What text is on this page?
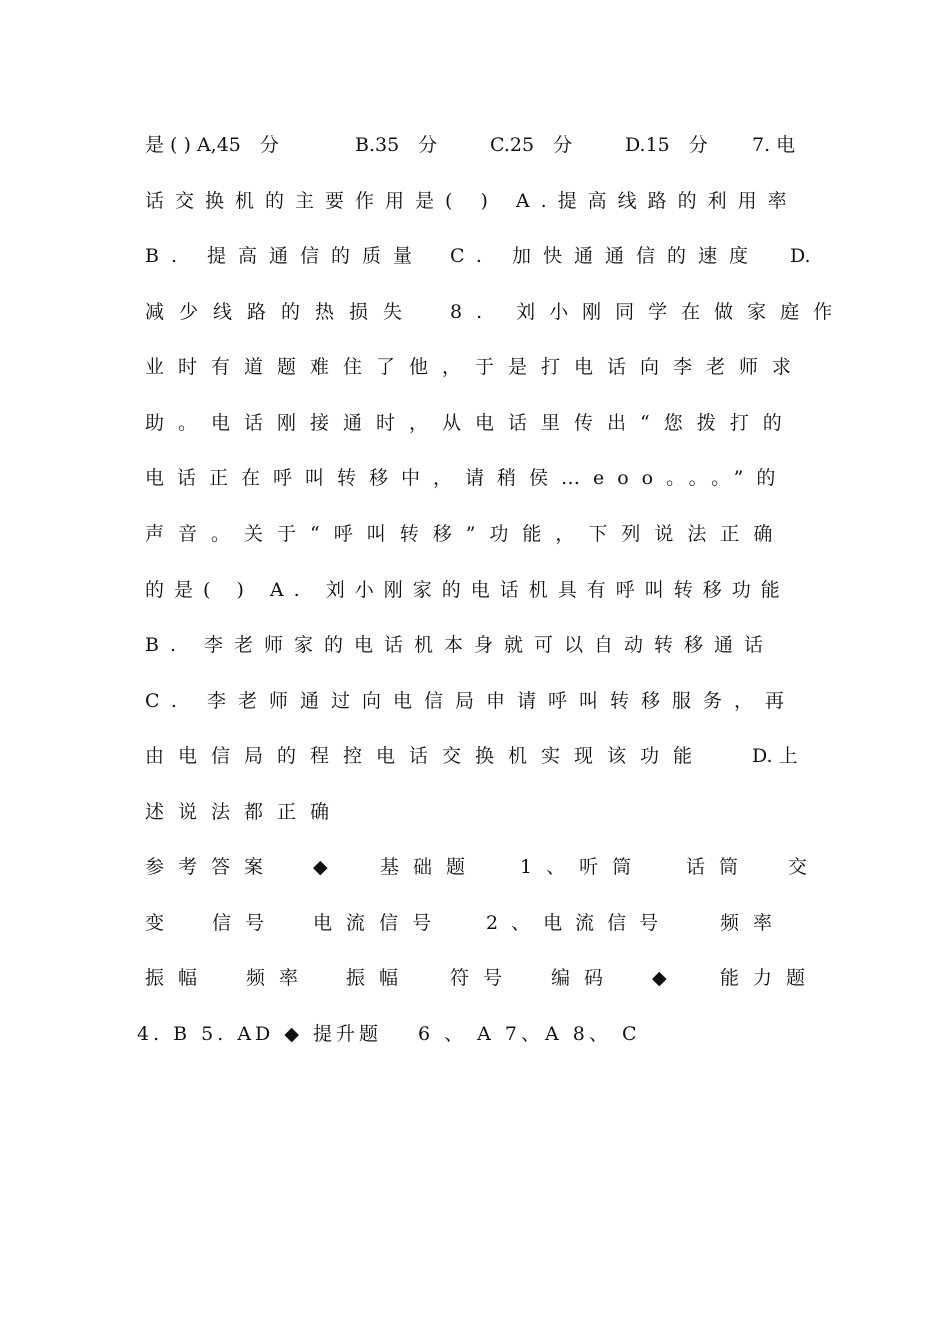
是 ( ) A,45　分	B.35　分	C.25　分	D.15　分 7. 电
话交换机的主要作用是( ) A.提高线路的利用率
B. 提高通信的质量 C. 加快通通信的速度 D.
减少线路的热损失 8. 刘小刚同学在做家庭作
业时有道题难住了他，于是打电话向李老师求
助。电话刚接通时，从电话里传出“您拨打的
电话正在呼叫转移中，请稍侯…eoo。。。”的
声音。关于“呼叫转移”功能，下列说法正确
的是( ) A. 刘小刚家的电话机具有呼叫转移功能
B. 李老师家的电话机本身就可以自动转移通话
C. 李老师通过向电信局申请呼叫转移服务，再
由电信局的程控电话交换机实现该功能 D. 上
述说法都正确
参考答案 ◆	基础题 1、听筒 话筒 交
变	信号 电流信号 2、电流信号	频率
振幅 频率 振幅 符号 编码 ◆	能力题
4. B 5. AD ◆ 提升题 6 、 A 7、 A 8、 C
